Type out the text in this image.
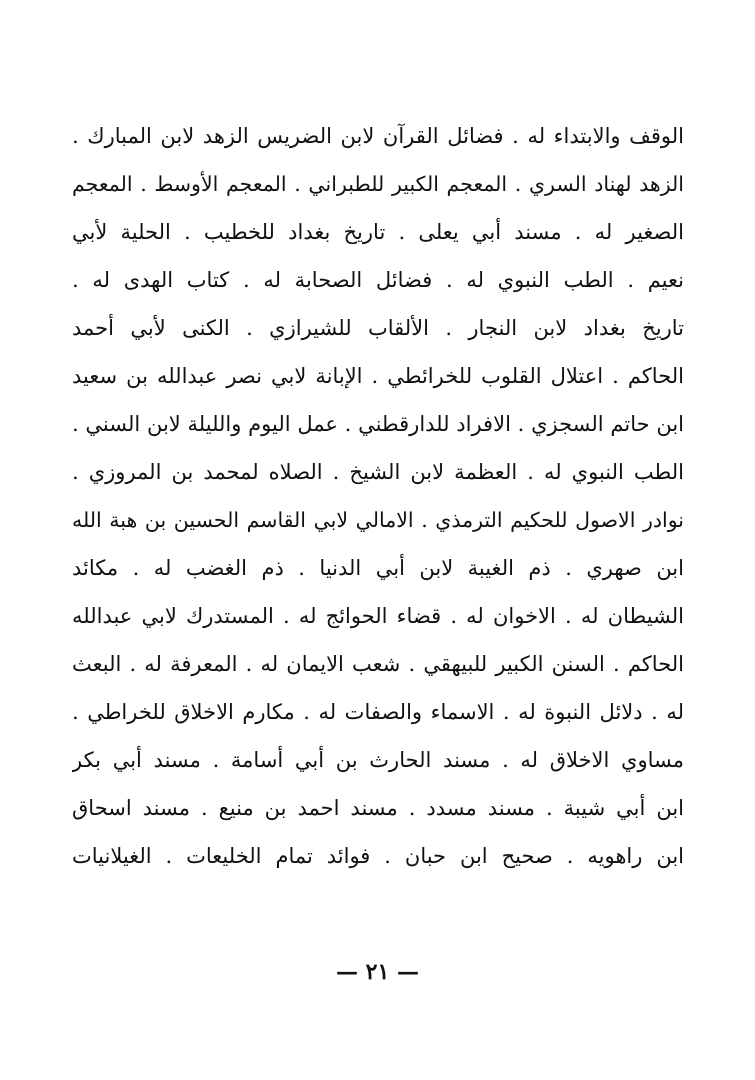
الوقف والابتداء له . فضائل القرآن لابن الضريس الزهد لابن المبارك .
الزهد لهناد السري . المعجم الكبير للطبراني . المعجم الأوسط . المعجم
الصغير له . مسند أبي يعلى . تاريخ بغداد للخطيب . الحلية لأبي
نعيم . الطب النبوي له . فضائل الصحابة له . كتاب الهدى له .
تاريخ بغداد لابن النجار . الألقاب للشيرازي . الكنى لأبي أحمد
الحاكم . اعتلال القلوب للخرائطي . الإبانة لابي نصر عبدالله بن سعيد
ابن حاتم السجزي . الافراد للدارقطني . عمل اليوم والليلة لابن السني .
الطب النبوي له . العظمة لابن الشيخ . الصلاه لمحمد بن المروزي .
نوادر الاصول للحكيم الترمذي . الامالي لابي القاسم الحسين بن هبة الله
ابن صهري . ذم الغيبة لابن أبي الدنيا . ذم الغضب له . مكائد
الشيطان له . الاخوان له . قضاء الحوائج له . المستدرك لابي عبدالله
الحاكم . السنن الكبير للبيهقي . شعب الايمان له . المعرفة له . البعث
له . دلائل النبوة له . الاسماء والصفات له . مكارم الاخلاق للخراطي .
مساوي الاخلاق له . مسند الحارث بن أبي أسامة . مسند أبي بكر
ابن أبي شيبة . مسند مسدد . مسند احمد بن منيع . مسند اسحاق
ابن راهويه . صحيح ابن حبان . فوائد تمام الخليعات . الغيلانيات
— ٢١ —
